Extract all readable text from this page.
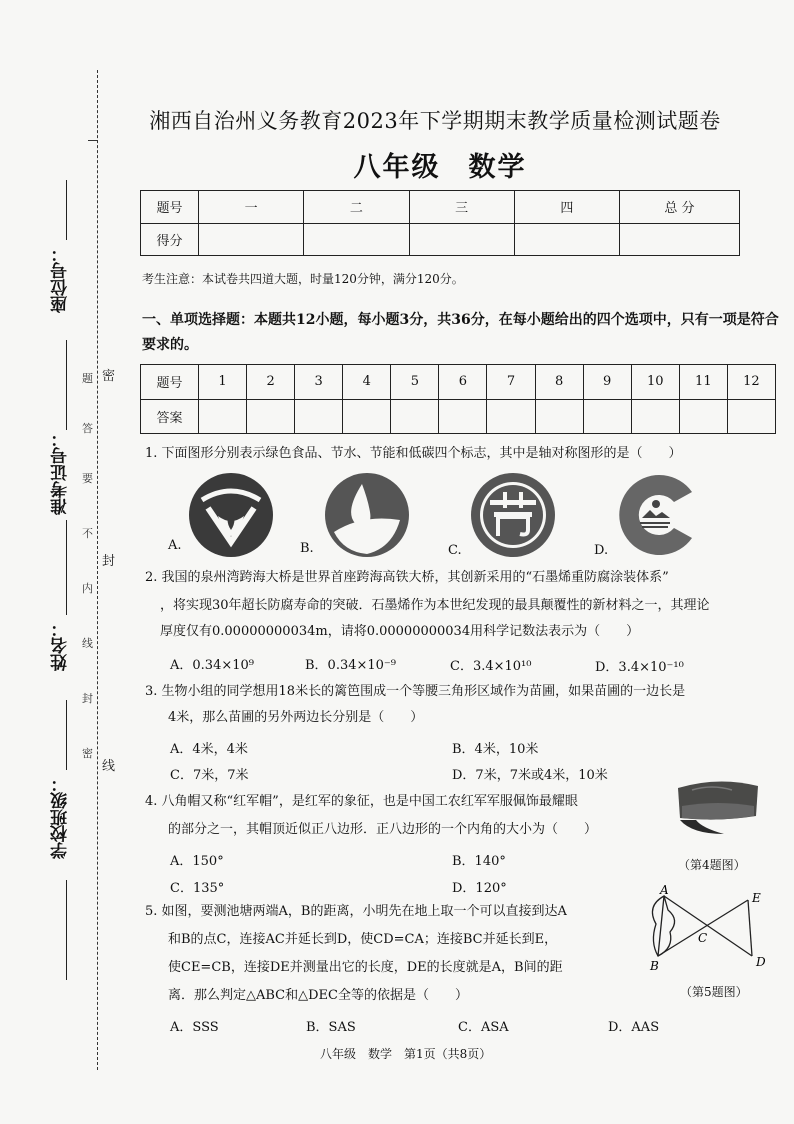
座位号：
准考证号：
姓名：
班级：
学校
题
答
要
不
内
线
封
密
密
封
线
湘西自治州义务教育2023年下学期期末教学质量检测试题卷
八年级 数学
题号	一	二	三	四	总 分
得分					
考生注意：本试卷共四道大题，时量120分钟，满分120分。
一、单项选择题：本题共12小题，每小题3分，共36分，在每小题给出的四个选项中，只有一项是符合要求的。
题号	1	2	3	4	5	6	7	8	9	10	11	12
答案												
1. 下面图形分别表示绿色食品、节水、节能和低碳四个标志，其中是轴对称图形的是（　　）
A.	B.	C.	D.
2. 我国的泉州湾跨海大桥是世界首座跨海高铁大桥，其创新采用的“石墨烯重防腐涂装体系”
，将实现30年超长防腐寿命的突破．石墨烯作为本世纪发现的最具颠覆性的新材料之一，其理论
厚度仅有0.00000000034m，请将0.00000000034用科学记数法表示为（　　）
A．0.34×10⁹	B．0.34×10⁻⁹	C．3.4×10¹⁰	D．3.4×10⁻¹⁰
3. 生物小组的同学想用18米长的篱笆围成一个等腰三角形区域作为苗圃，如果苗圃的一边长是
4米，那么苗圃的另外两边长分别是（　　）
A．4米，4米	B．4米，10米
C．7米，7米	D．7米，7米或4米，10米
4. 八角帽又称“红军帽”，是红军的象征，也是中国工农红军军服佩饰最耀眼
的部分之一，其帽顶近似正八边形．正八边形的一个内角的大小为（　　）
A．150°	B．140°
C．135°	D．120°
（第4题图）
5. 如图，要测池塘两端A，B的距离，小明先在地上取一个可以直接到达A
和B的点C，连接AC并延长到D，使CD=CA；连接BC并延长到E，
使CE=CB，连接DE并测量出它的长度，DE的长度就是A，B间的距
离．那么判定△ABC和△DEC全等的依据是（　　）
A．SSS	B．SAS	C．ASA	D．AAS
A
B
C
D
E
（第5题图）
八年级　数学　第1页（共8页）
